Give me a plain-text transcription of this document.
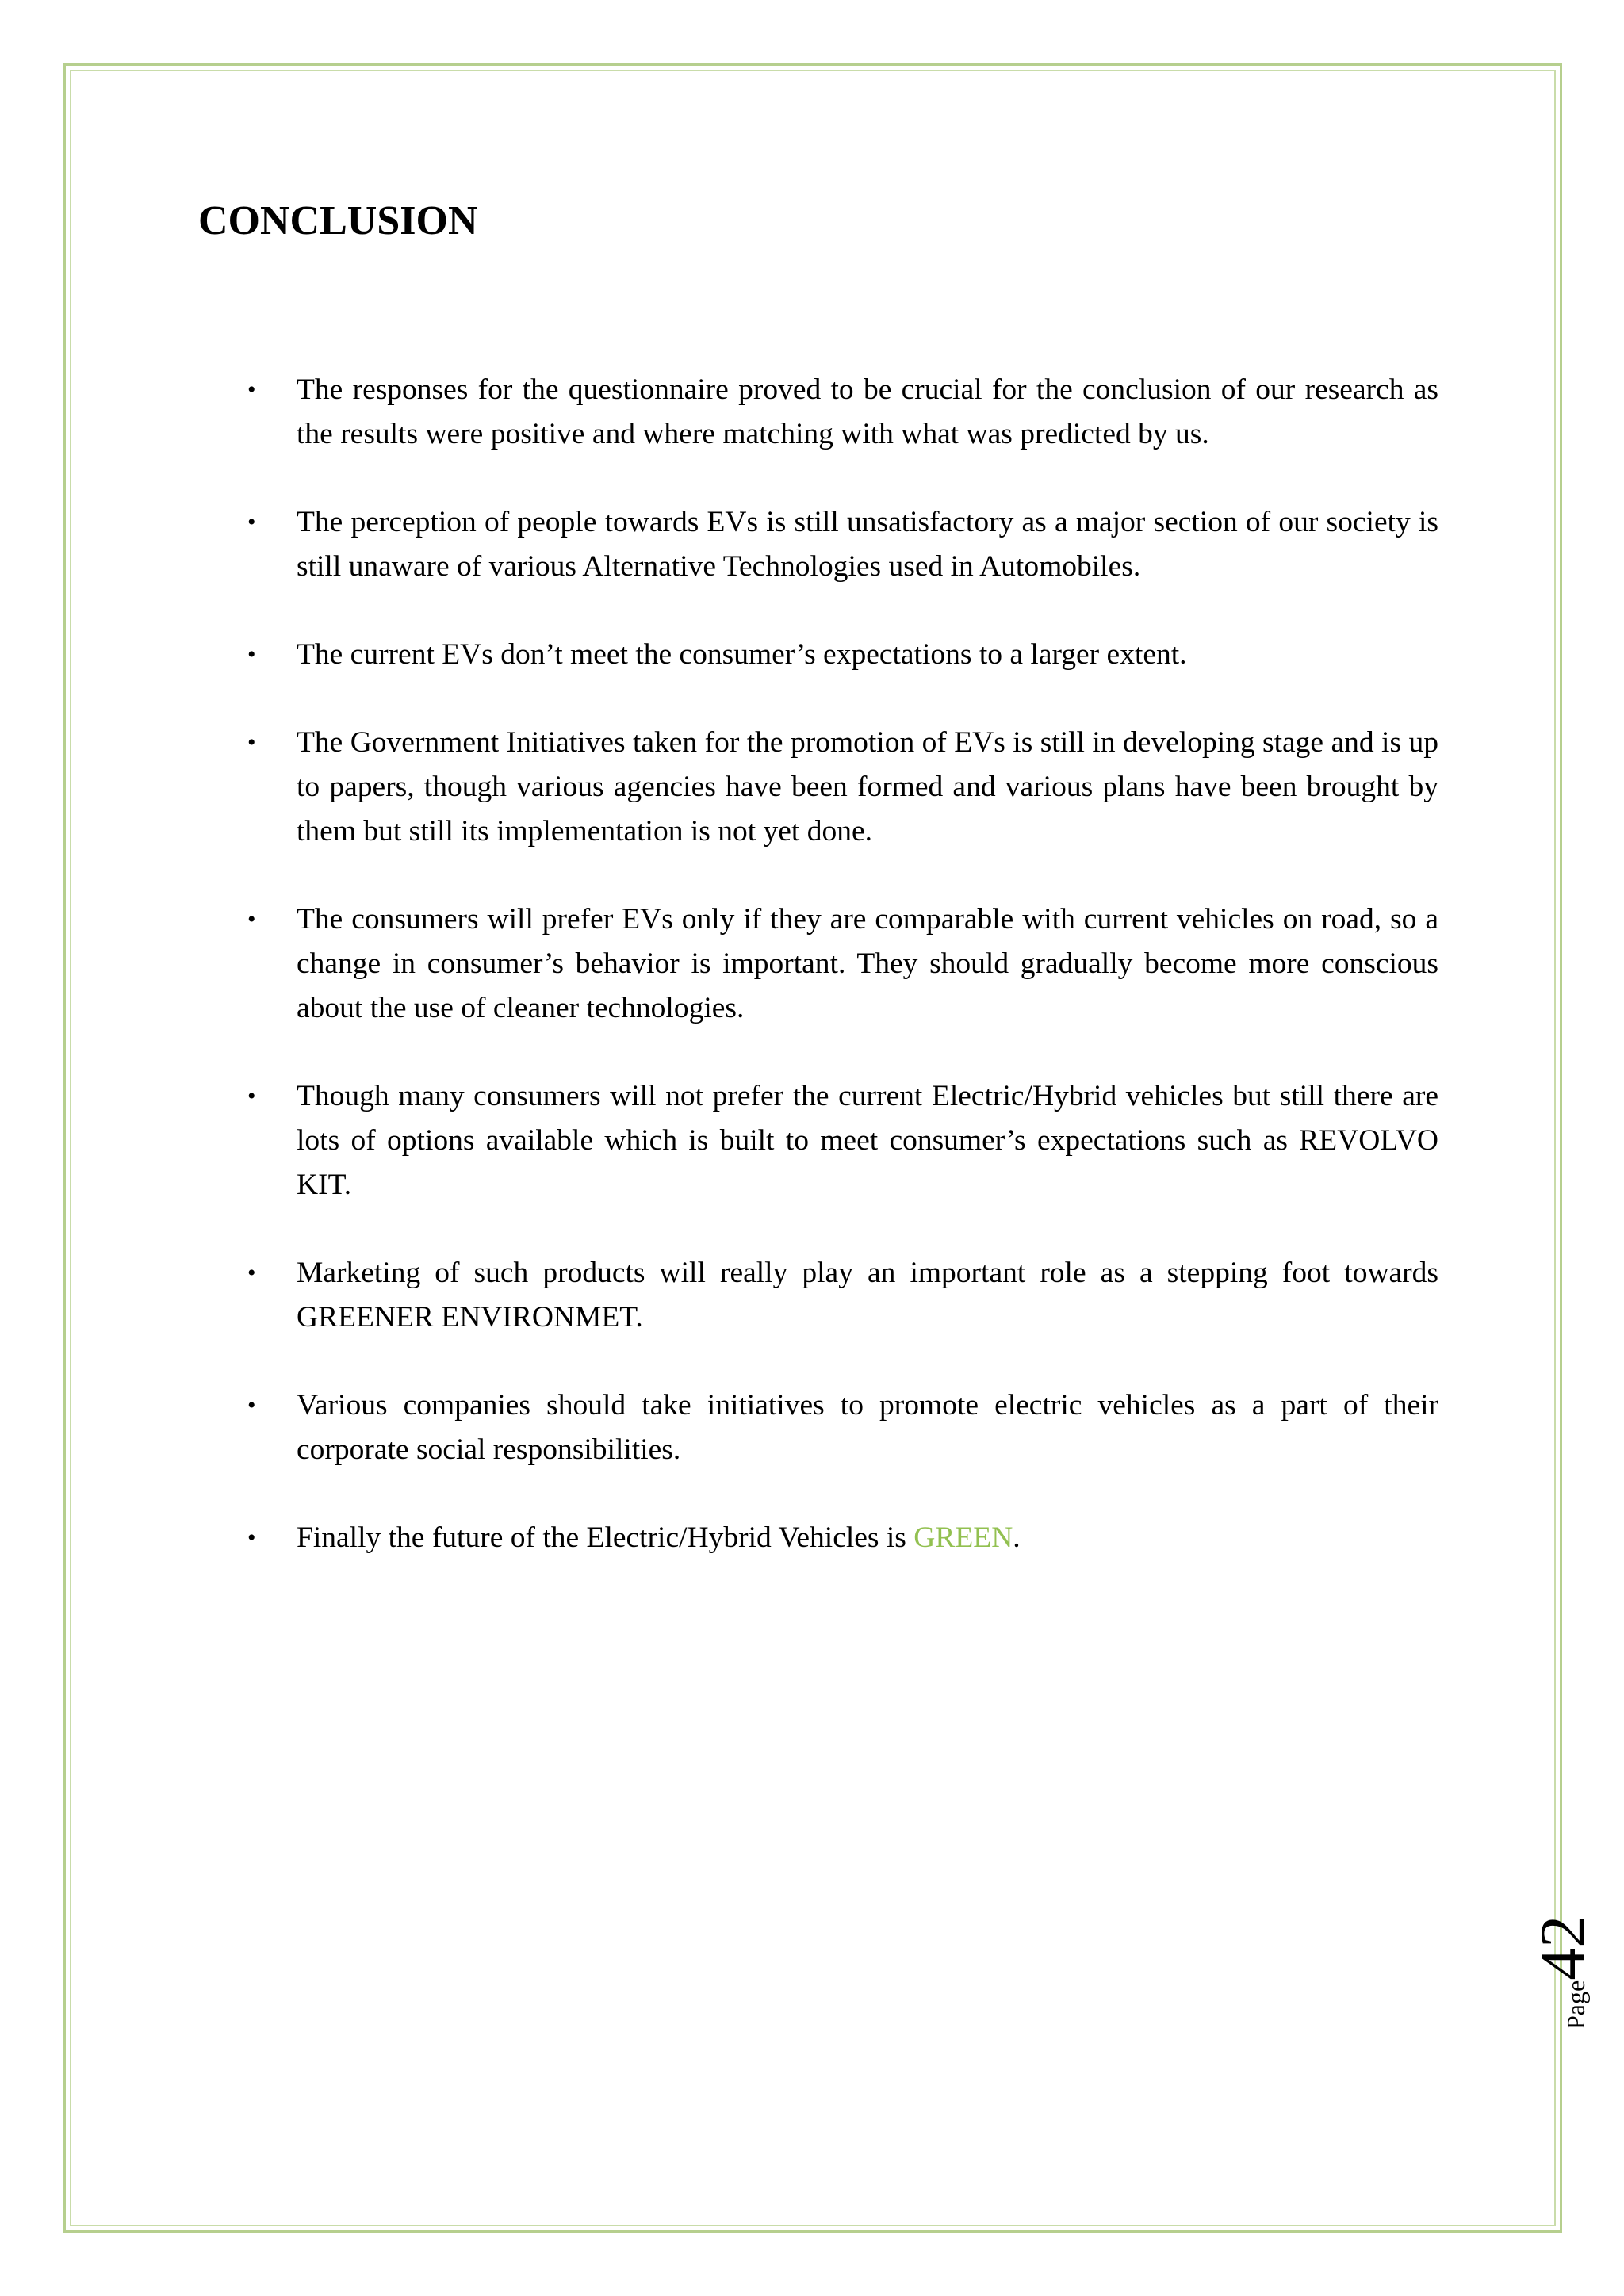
CONCLUSION
•	The responses for the questionnaire proved to be crucial for the conclusion of our research as the results were positive and where matching with what was predicted by us.
•	The perception of people towards EVs is still unsatisfactory as a major section of our society is still unaware of various Alternative Technologies used in Automobiles.
•	The current EVs don’t meet the consumer’s expectations to a larger extent.
•	The Government Initiatives taken for the promotion of EVs is still in developing stage and is up to papers, though various agencies have been formed and various plans have been brought by them but still its implementation is not yet done.
•	The consumers will prefer EVs only if they are comparable with current vehicles on road, so a change in consumer’s behavior is important. They should gradually become more conscious about the use of cleaner technologies.
•	Though many consumers will not prefer the current Electric/Hybrid vehicles but still there are lots of options available which is built to meet consumer’s expectations such as REVOLVO KIT.
•	Marketing of such products will really play an important role as a stepping foot towards GREENER ENVIRONMET.
•	Various companies should take initiatives to promote electric vehicles as a part of their corporate social responsibilities.
•	Finally the future of the Electric/Hybrid Vehicles is GREEN.
Page
42
